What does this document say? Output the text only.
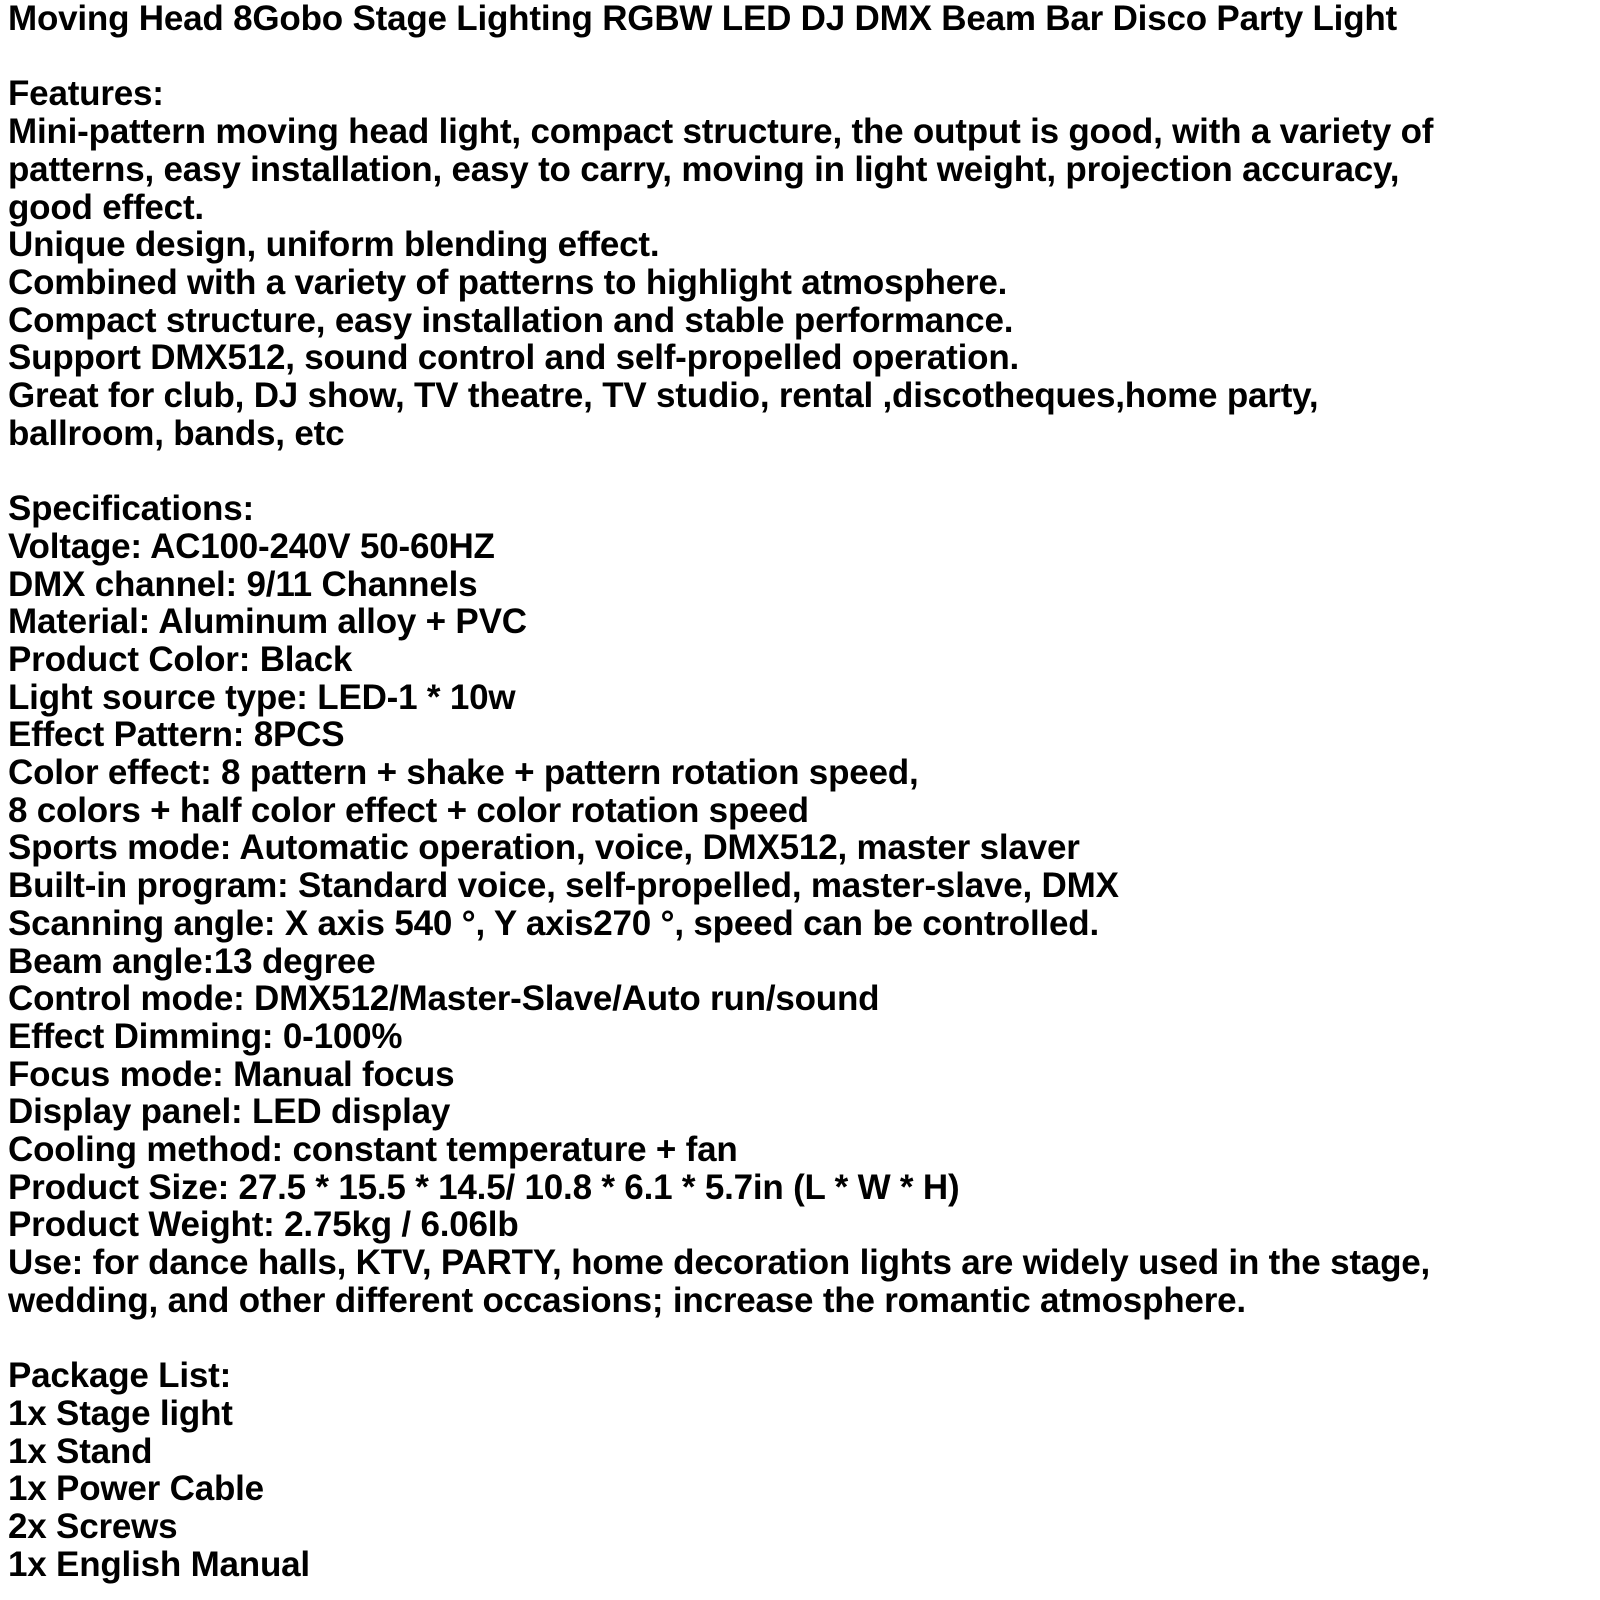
Moving Head 8Gobo Stage Lighting RGBW LED DJ DMX Beam Bar Disco Party Light
Features:
Mini-pattern moving head light, compact structure, the output is good, with a variety of
patterns, easy installation, easy to carry, moving in light weight, projection accuracy,
good effect.
Unique design, uniform blending effect.
Combined with a variety of patterns to highlight atmosphere.
Compact structure, easy installation and stable performance.
Support DMX512, sound control and self-propelled operation.
Great for club, DJ show, TV theatre, TV studio, rental ,discotheques,home party,
ballroom, bands, etc
Specifications:
Voltage: AC100-240V 50-60HZ
DMX channel: 9/11 Channels
Material: Aluminum alloy + PVC
Product Color: Black
Light source type: LED-1 * 10w
Effect Pattern: 8PCS
Color effect: 8 pattern + shake + pattern rotation speed,
8 colors + half color effect + color rotation speed
Sports mode: Automatic operation, voice, DMX512, master slaver
Built-in program: Standard voice, self-propelled, master-slave, DMX
Scanning angle: X axis 540 °, Y axis270 °, speed can be controlled.
Beam angle:13 degree
Control mode: DMX512/Master-Slave/Auto run/sound
Effect Dimming: 0-100%
Focus mode: Manual focus
Display panel: LED display
Cooling method: constant temperature + fan
Product Size: 27.5 * 15.5 * 14.5/ 10.8 * 6.1 * 5.7in (L * W * H)
Product Weight: 2.75kg / 6.06lb
Use: for dance halls, KTV, PARTY, home decoration lights are widely used in the stage,
wedding, and other different occasions; increase the romantic atmosphere.
Package List:
1x Stage light
1x Stand
1x Power Cable
2x Screws
1x English Manual
